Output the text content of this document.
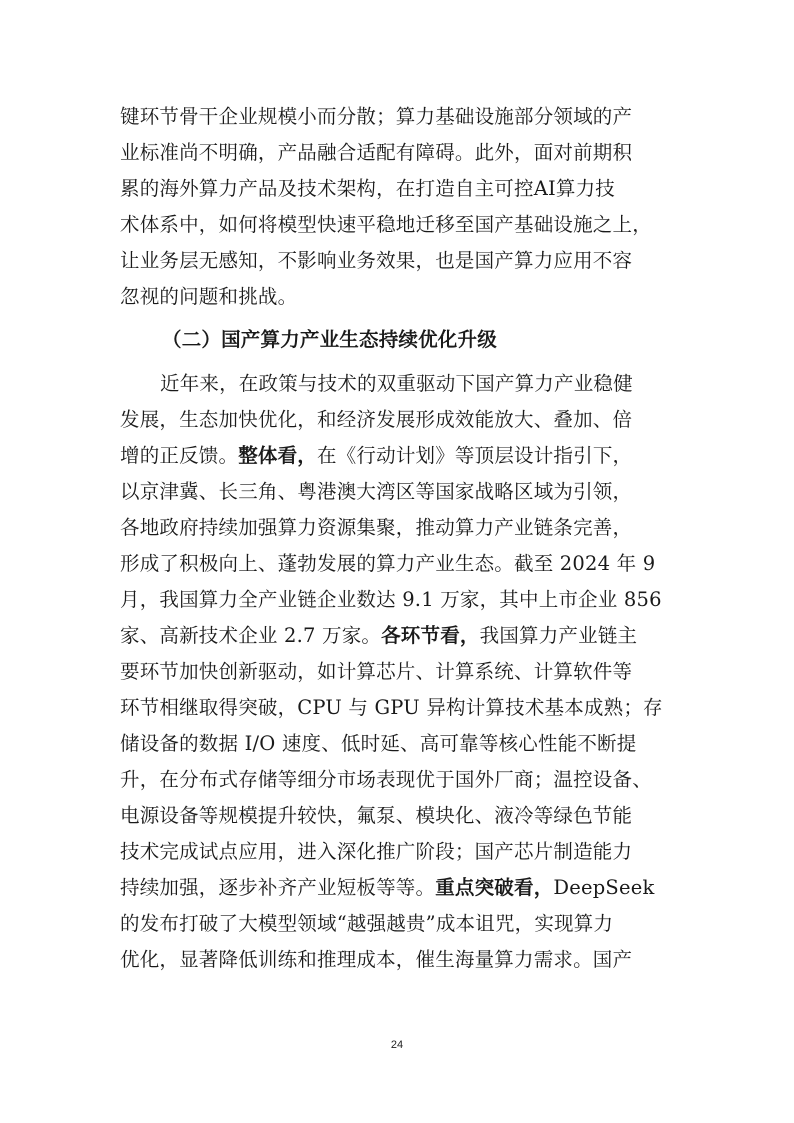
键环节骨干企业规模小而分散；算力基础设施部分领域的产
业标准尚不明确，产品融合适配有障碍。此外，面对前期积
累的海外算力产品及技术架构，在打造自主可控AI算力技
术体系中，如何将模型快速平稳地迁移至国产基础设施之上，
让业务层无感知，不影响业务效果，也是国产算力应用不容
忽视的问题和挑战。
（二）国产算力产业生态持续优化升级
近年来，在政策与技术的双重驱动下国产算力产业稳健
发展，生态加快优化，和经济发展形成效能放大、叠加、倍
增的正反馈。整体看，在《行动计划》等顶层设计指引下，
以京津冀、长三角、粤港澳大湾区等国家战略区域为引领，
各地政府持续加强算力资源集聚，推动算力产业链条完善，
形成了积极向上、蓬勃发展的算力产业生态。截至 2024 年 9
月，我国算力全产业链企业数达 9.1 万家，其中上市企业 856
家、高新技术企业 2.7 万家。各环节看，我国算力产业链主
要环节加快创新驱动，如计算芯片、计算系统、计算软件等
环节相继取得突破，CPU 与 GPU 异构计算技术基本成熟；存
储设备的数据 I/O 速度、低时延、高可靠等核心性能不断提
升，在分布式存储等细分市场表现优于国外厂商；温控设备、
电源设备等规模提升较快，氟泵、模块化、液冷等绿色节能
技术完成试点应用，进入深化推广阶段；国产芯片制造能力
持续加强，逐步补齐产业短板等等。重点突破看，DeepSeek
的发布打破了大模型领域“越强越贵”成本诅咒，实现算力
优化，显著降低训练和推理成本，催生海量算力需求。国产
24
